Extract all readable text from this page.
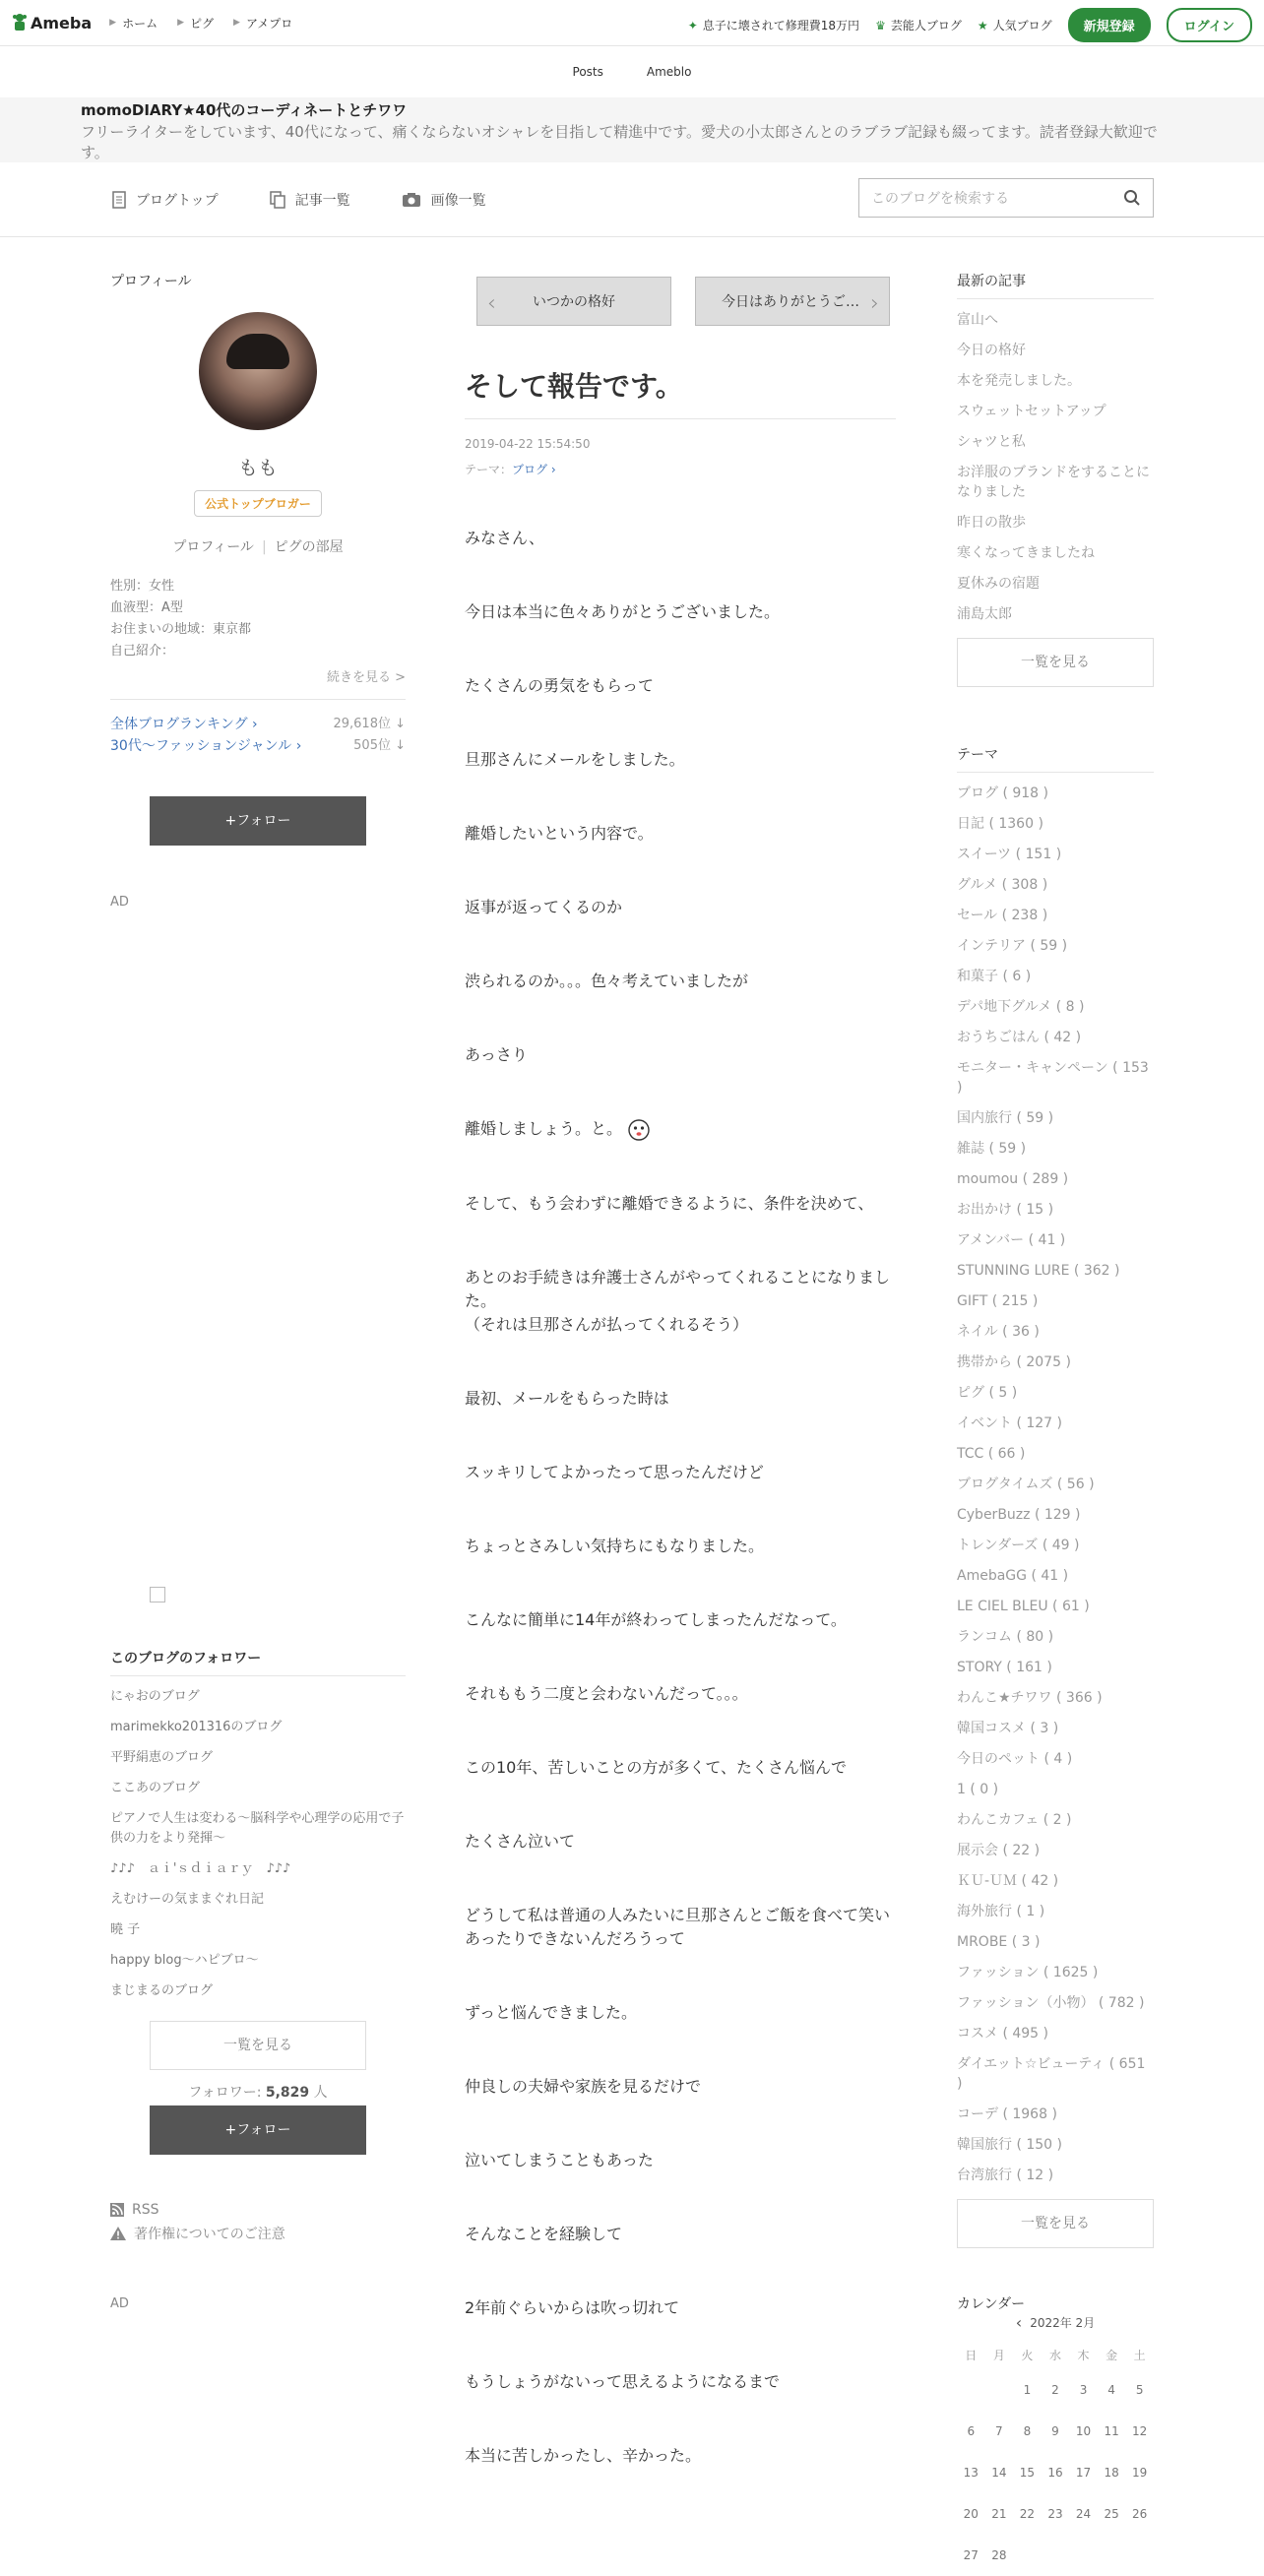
Ameba ▶ ホーム ▶ ピグ ▶ アメプロ	✦ 息子に壊されて修理費18万円 ♛ 芸能人ブログ ★ 人気ブログ	新規登録	ログイン
Posts	Ameblo
momoDIARY★40代のコーディネートとチワワ
フリーライターをしています、40代になって、痛くならないオシャレを目指して精進中です。愛犬の小太郎さんとのラブラブ記録も綴ってます。読者登録大歓迎です。
ブログトップ	記事一覧	画像一覧	このブログを検索する
プロフィール
もも
公式トップブロガー
プロフィール | ピグの部屋
性別：女性
血液型：A型
お住まいの地域：東京都
自己紹介：
続きを見る >
全体ブログランキング ›	29,618位 ↓
30代〜ファッションジャンル ›	505位 ↓
+フォロー
AD
このブログのフォロワー
にゃおのブログ
marimekko201316のブログ
平野絹恵のブログ
ここあのブログ
ピアノで人生は変わる～脳科学や心理学の応用で子供の力をより発揮～
♪♪♪　ａｉ'ｓｄｉａｒｙ　♪♪♪
えむけーの気ままぐれ日記
曉 子
happy blog～ハピブロ～
まじまるのブログ
一覧を見る
フォロワー: 5,829 人
+フォロー
RSS
著作権についてのご注意
AD
‹	いつかの格好	今日はありがとうご… ›
そして報告です。
2019-04-22 15:54:50
テーマ：ブログ ›

みなさん、

今日は本当に色々ありがとうございました。

たくさんの勇気をもらって

旦那さんにメールをしました。

離婚したいという内容で。

返事が返ってくるのか

渋られるのか。。。色々考えていましたが

あっさり

離婚しましょう。と。

そして、もう会わずに離婚できるように、条件を決めて、

あとのお手続きは弁護士さんがやってくれることになりました。
（それは旦那さんが払ってくれるそう）

最初、メールをもらった時は

スッキリしてよかったって思ったんだけど

ちょっとさみしい気持ちにもなりました。

こんなに簡単に14年が終わってしまったんだなって。

それももう二度と会わないんだって。。。

この10年、苦しいことの方が多くて、たくさん悩んで

たくさん泣いて

どうして私は普通の人みたいに旦那さんとご飯を食べて笑いあったりできないんだろうって

ずっと悩んできました。

仲良しの夫婦や家族を見るだけで

泣いてしまうこともあった

そんなことを経験して

2年前ぐらいからは吹っ切れて

もうしょうがないって思えるようになるまで

本当に苦しかったし、辛かった。

最新の記事
富山へ
今日の格好
本を発売しました。
スウェットセットアップ
シャツと私
お洋服のブランドをすることになりました
昨日の散歩
寒くなってきましたね
夏休みの宿題
浦島太郎
一覧を見る
テーマ
ブログ ( 918 )
日記 ( 1360 )
スイーツ ( 151 )
グルメ ( 308 )
セール ( 238 )
インテリア ( 59 )
和菓子 ( 6 )
デパ地下グルメ ( 8 )
おうちごはん ( 42 )
モニター・キャンペーン ( 153 )
国内旅行 ( 59 )
雑誌 ( 59 )
moumou ( 289 )
お出かけ ( 15 )
アメンバー ( 41 )
STUNNING LURE ( 362 )
GIFT ( 215 )
ネイル ( 36 )
携帯から ( 2075 )
ピグ ( 5 )
イベント ( 127 )
TCC ( 66 )
ブログタイムズ ( 56 )
CyberBuzz ( 129 )
トレンダーズ ( 49 )
AmebaGG ( 41 )
LE CIEL BLEU ( 61 )
ランコム ( 80 )
STORY ( 161 )
わんこ★チワワ ( 366 )
韓国コスメ ( 3 )
今日のペット ( 4 )
1 ( 0 )
わんこカフェ ( 2 )
展示会 ( 22 )
ＫＵ-ＵＭ ( 42 )
海外旅行 ( 1 )
MROBE ( 3 )
ファッション ( 1625 )
ファッション（小物） ( 782 )
コスメ ( 495 )
ダイエット☆ビューティ ( 651 )
コーデ ( 1968 )
韓国旅行 ( 150 )
台湾旅行 ( 12 )
一覧を見る
カレンダー
‹ 2022年 2月
日	月	火	水	木	金	土
		1	2	3	4	5
6	7	8	9	10	11	12
13	14	15	16	17	18	19
20	21	22	23	24	25	26
27	28					
